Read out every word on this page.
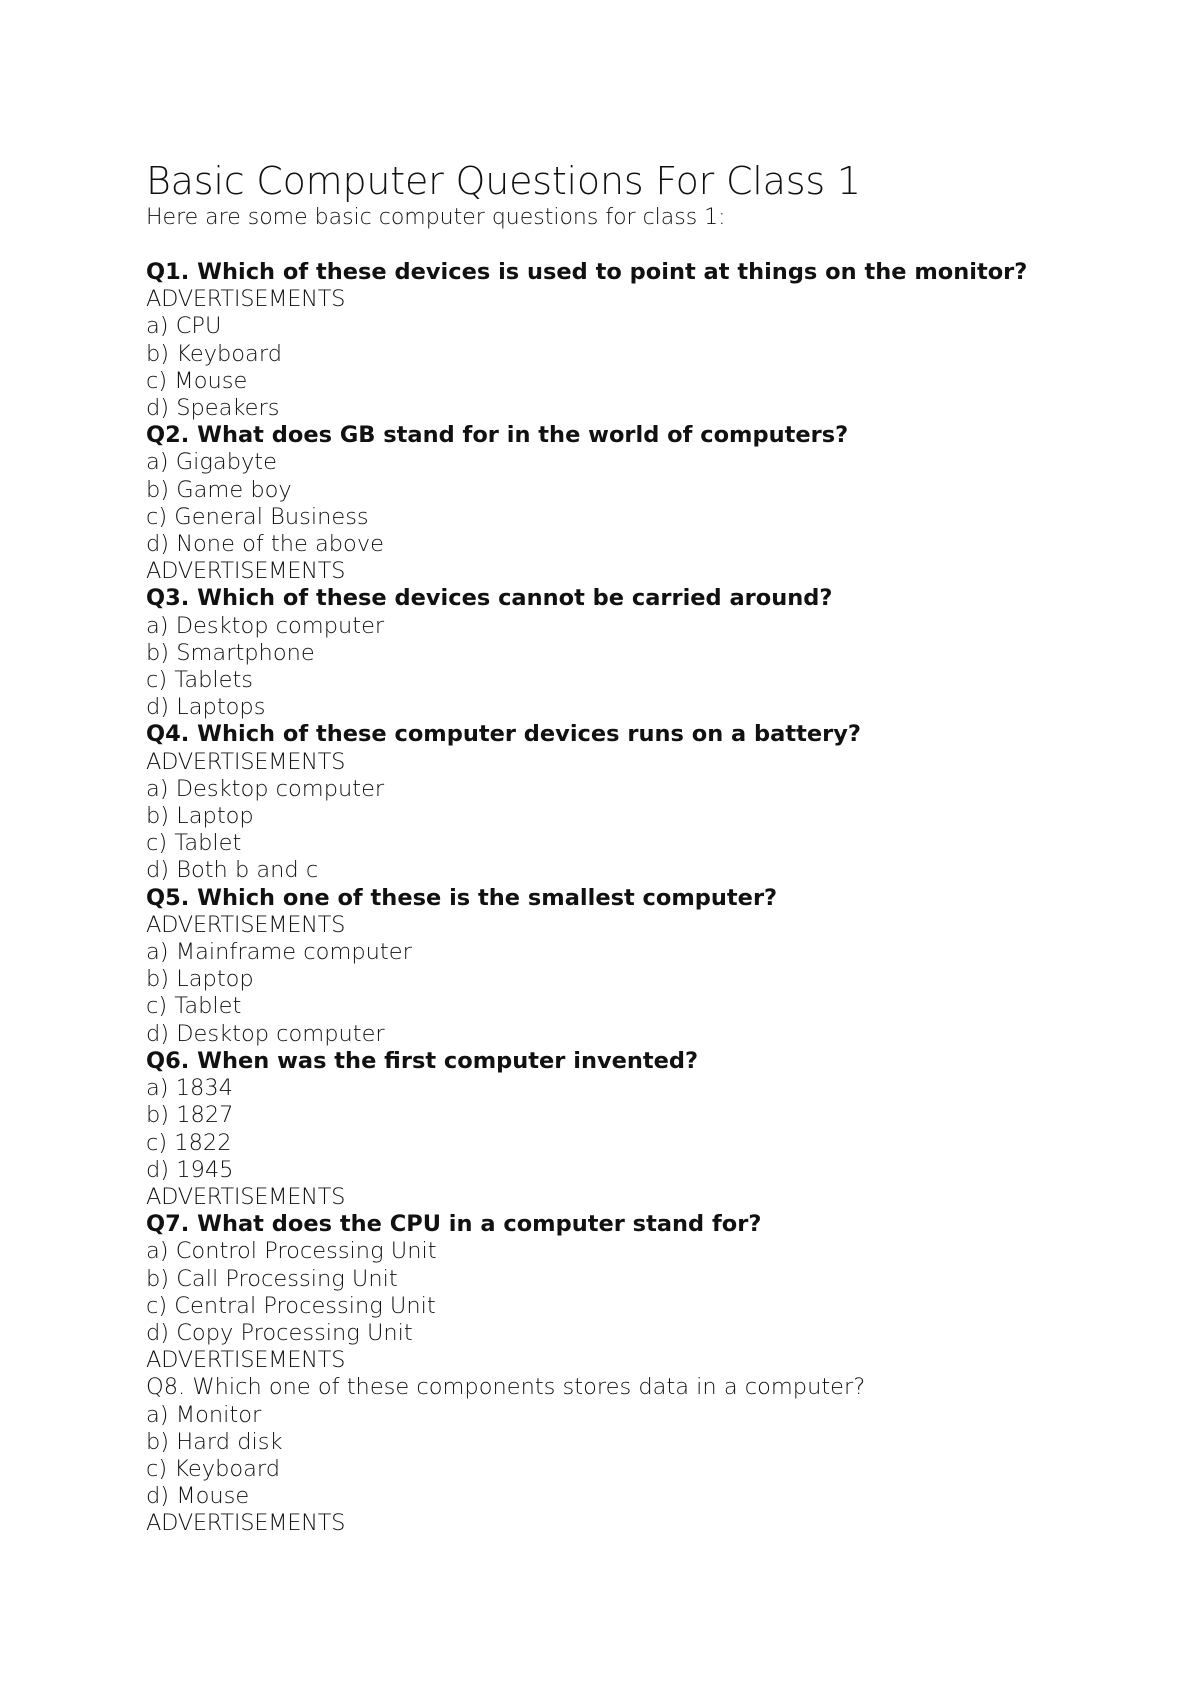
Basic Computer Questions For Class 1

Here are some basic computer questions for class 1:

Q1. Which of these devices is used to point at things on the monitor?
ADVERTISEMENTS
a) CPU
b) Keyboard
c) Mouse
d) Speakers
Q2. What does GB stand for in the world of computers?
a) Gigabyte
b) Game boy
c) General Business
d) None of the above
ADVERTISEMENTS
Q3. Which of these devices cannot be carried around?
a) Desktop computer
b) Smartphone
c) Tablets
d) Laptops
Q4. Which of these computer devices runs on a battery?
ADVERTISEMENTS
a) Desktop computer
b) Laptop
c) Tablet
d) Both b and c
Q5. Which one of these is the smallest computer?
ADVERTISEMENTS
a) Mainframe computer
b) Laptop
c) Tablet
d) Desktop computer
Q6. When was the first computer invented?
a) 1834
b) 1827
c) 1822
d) 1945
ADVERTISEMENTS
Q7. What does the CPU in a computer stand for?
a) Control Processing Unit
b) Call Processing Unit
c) Central Processing Unit
d) Copy Processing Unit
ADVERTISEMENTS
Q8. Which one of these components stores data in a computer?
a) Monitor
b) Hard disk
c) Keyboard
d) Mouse
ADVERTISEMENTS
